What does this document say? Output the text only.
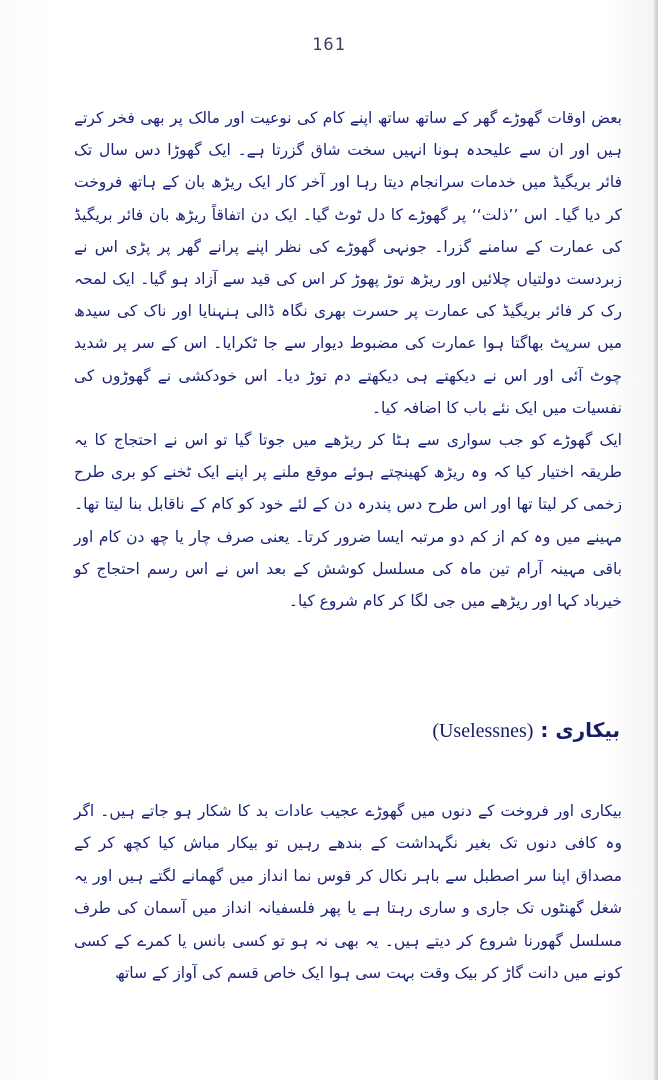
161

بعض اوقات گھوڑے گھر کے ساتھ ساتھ اپنے کام کی نوعیت اور مالک پر بھی فخر کرتے ہیں اور ان سے علیحدہ ہونا انہیں سخت شاق گزرتا ہے۔ ایک گھوڑا دس سال تک فائر بریگیڈ میں خدمات سرانجام دیتا رہا اور آخر کار ایک ریڑھ بان کے ہاتھ فروخت کر دیا گیا۔ اس ’’ذلت‘‘ پر گھوڑے کا دل ٹوٹ گیا۔ ایک دن اتفاقاً ریڑھ بان فائر بریگیڈ کی عمارت کے سامنے گزرا۔ جونہی گھوڑے کی نظر اپنے پرانے گھر پر پڑی اس نے زبردست دولتیاں چلائیں اور ریڑھ توڑ پھوڑ کر اس کی قید سے آزاد ہو گیا۔ ایک لمحہ رک کر فائر بریگیڈ کی عمارت پر حسرت بھری نگاہ ڈالی ہنہنایا اور ناک کی سیدھ میں سرپٹ بھاگتا ہوا عمارت کی مضبوط دیوار سے جا ٹکرایا۔ اس کے سر پر شدید چوٹ آئی اور اس نے دیکھتے ہی دیکھتے دم توڑ دیا۔ اس خودکشی نے گھوڑوں کی نفسیات میں ایک نئے باب کا اضافہ کیا۔

ایک گھوڑے کو جب سواری سے ہٹا کر ریڑھے میں جوتا گیا تو اس نے احتجاج کا یہ طریقہ اختیار کیا کہ وہ ریڑھ کھینچتے ہوئے موقع ملنے پر اپنے ایک ٹخنے کو بری طرح زخمی کر لیتا تھا اور اس طرح دس پندرہ دن کے لئے خود کو کام کے ناقابل بنا لیتا تھا۔ مہینے میں وہ کم از کم دو مرتبہ ایسا ضرور کرتا۔ یعنی صرف چار یا چھ دن کام اور باقی مہینہ آرام تین ماہ کی مسلسل کوشش کے بعد اس نے اس رسم احتجاج کو خیرباد کہا اور ریڑھے میں جی لگا کر کام شروع کیا۔

بیکاری : (Uselessnes)

بیکاری اور فروخت کے دنوں میں گھوڑے عجیب عادات بد کا شکار ہو جاتے ہیں۔ اگر وہ کافی دنوں تک بغیر نگہداشت کے بندھے رہیں تو بیکار مباش کیا کچھ کر کے مصداق اپنا سر اصطبل سے باہر نکال کر قوس نما انداز میں گھمانے لگتے ہیں اور یہ شغل گھنٹوں تک جاری و ساری رہتا ہے یا پھر فلسفیانہ انداز میں آسمان کی طرف مسلسل گھورنا شروع کر دیتے ہیں۔ یہ بھی نہ ہو تو کسی بانس یا کمرے کے کسی کونے میں دانت گاڑ کر بیک وقت بہت سی ہوا ایک خاص قسم کی آواز کے ساتھ
